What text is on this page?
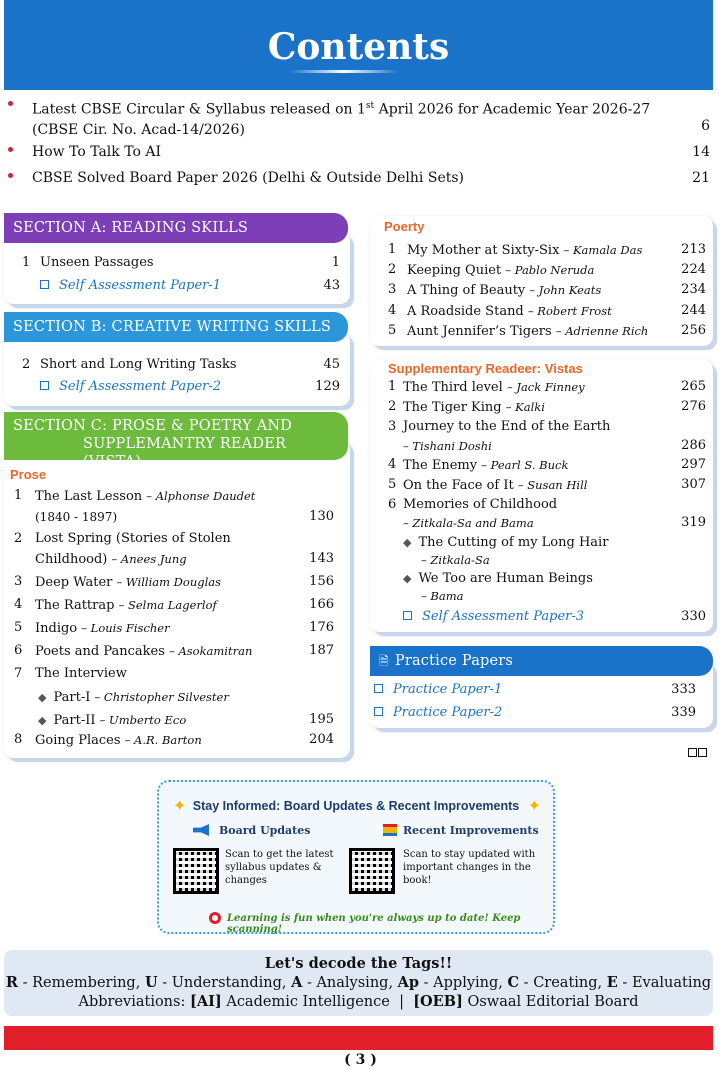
Contents
Latest CBSE Circular & Syllabus released on 1st April 2026 for Academic Year 2026-27
(CBSE Cir. No. Acad-14/2026)	6
How To Talk To AI	14
CBSE Solved Board Paper 2026 (Delhi & Outside Delhi Sets)	21
SECTION A: READING SKILLS
1 Unseen Passages	1
Self Assessment Paper-1	43
SECTION B: CREATIVE WRITING SKILLS
2 Short and Long Writing Tasks	45
Self Assessment Paper-2	129
SECTION C: PROSE & POETRY AND
SUPPLEMANTRY READER (VISTA)
Prose
1 The Last Lesson – Alphonse Daudet
(1840 - 1897)	130
2 Lost Spring (Stories of Stolen
Childhood) – Anees Jung	143
3 Deep Water – William Douglas	156
4 The Rattrap – Selma Lagerlof	166
5 Indigo – Louis Fischer	176
6 Poets and Pancakes – Asokamitran	187
7 The Interview
◆ Part-I – Christopher Silvester
◆ Part-II – Umberto Eco	195
8 Going Places – A.R. Barton	204
Poerty
1 My Mother at Sixty-Six – Kamala Das	213
2 Keeping Quiet – Pablo Neruda	224
3 A Thing of Beauty – John Keats	234
4 A Roadside Stand – Robert Frost	244
5 Aunt Jennifer’s Tigers – Adrienne Rich	256
Supplementary Readeer: Vistas
1 The Third level – Jack Finney	265
2 The Tiger King – Kalki	276
3 Journey to the End of the Earth
– Tishani Doshi	286
4 The Enemy – Pearl S. Buck	297
5 On the Face of It – Susan Hill	307
6 Memories of Childhood
– Zitkala-Sa and Bama	319
◆ The Cutting of my Long Hair
– Zitkala-Sa
◆ We Too are Human Beings
– Bama
Self Assessment Paper-3	330
🗎 Practice Papers
Practice Paper-1	333
Practice Paper-2	339
✦	✦
Stay Informed: Board Updates & Recent Improvements
Board Updates
Scan to get the latest
syllabus updates &
changes
Recent Improvements
Scan to stay updated with
important changes in the
book!
Learning is fun when you're always up to date! Keep scanning!
Let's decode the Tags!!
R - Remembering, U - Understanding, A - Analysing, Ap - Applying, C - Creating, E - Evaluating
Abbreviations: [AI] Academic Intelligence  |  [OEB] Oswaal Editorial Board
( 3 )
